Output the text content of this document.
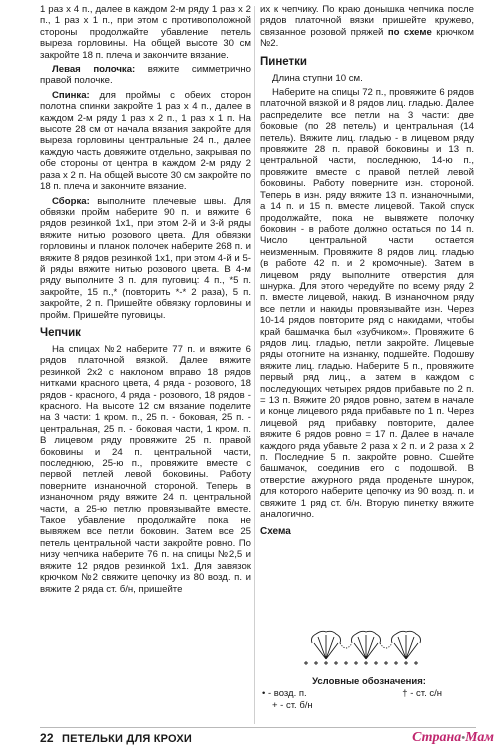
1 раз х 4 п., далее в каждом 2-м ряду 1 раз х 2 п., 1 раз х 1 п., при этом с противоположной стороны продолжайте убавление петель выреза горловины. На общей высоте 30 см закройте 18 п. плеча и закончите вязание.

Левая полочка: вяжите симметрично правой полочке.

Спинка: для проймы с обеих сторон полотна спинки закройте 1 раз х 4 п., далее в каждом 2-м ряду 1 раз х 2 п., 1 раз х 1 п. На высоте 28 см от начала вязания закройте для выреза горловины центральные 24 п., далее каждую часть довяжите отдельно, закрывая по обе стороны от центра в каждом 2-м ряду 2 раза х 2 п. На общей высоте 30 см закройте по 18 п. плеча и закончите вязание.

Сборка: выполните плечевые швы. Для обвязки пройм наберите 90 п. и вяжите 6 рядов резинкой 1х1, при этом 2-й и 3-й ряды вяжите нитью розового цвета. Для обвязки горловины и планок полочек наберите 268 п. и вяжите 8 рядов резинкой 1х1, при этом 4-й и 5-й ряды вяжите нитью розового цвета. В 4-м ряду выполните 3 п. для пуговиц: 4 п., *5 п. закройте, 15 п.,* (повторить *-* 2 раза), 5 п. закройте, 2 п. Пришейте обвязку горловины и пройм. Пришейте пуговицы.

Чепчик

На спицах №2 наберите 77 п. и вяжите 6 рядов платочной вязкой. Далее вяжите резинкой 2х2 с наклоном вправо 18 рядов нитками красного цвета, 4 ряда - розового, 18 рядов - красного, 4 ряда - розового, 18 рядов - красного. На высоте 12 см вязание поделите на 3 части: 1 кром. п., 25 п. - боковая, 25 п. - центральная, 25 п. - боковая части, 1 кром. п. В лицевом ряду провяжите 25 п. правой боковины и 24 п. центральной части, последнюю, 25-ю п., провяжите вместе с первой петлей левой боковины. Работу поверните изнаночной стороной. Теперь в изнаночном ряду вяжите 24 п. центральной части, а 25-ю петлю провязывайте вместе. Такое убавление продолжайте пока не вывяжем все петли боковин. Затем все 25 петель центральной части закройте ровно. По низу чепчика наберите 76 п. на спицы №2,5 и вяжите 12 рядов резинкой 1х1. Для завязок крючком №2 свяжите цепочку из 80 возд. п. и вяжите 2 ряда ст. б/н, пришейте

их к чепчику. По краю донышка чепчика после рядов платочной вязки пришейте кружево, связанное розовой пряжей по схеме крючком №2.

Пинетки

Длина ступни 10 см.

Наберите на спицы 72 п., провяжите 6 рядов платочной вязкой и 8 рядов лиц. гладью. Далее распределите все петли на 3 части: две боковые (по 28 петель) и центральная (14 петель). Вяжите лиц. гладью - в лицевом ряду провяжите 28 п. правой боковины и 13 п. центральной части, последнюю, 14-ю п., провяжите вместе с правой петлей левой боковины. Работу поверните изн. стороной. Теперь в изн. ряду вяжите 13 п. изнаночными, а 14 п. и 15 п. вместе лицевой. Такой спуск продолжайте, пока не вывяжете полочку боковин - в работе должно остаться по 14 п. Число центральной части остается неизменным. Провяжите 8 рядов лиц. гладью (в работе 42 п. и 2 кромочные). Затем в лицевом ряду выполните отверстия для шнурка. Для этого чередуйте по всему ряду 2 п. вместе лицевой, накид. В изнаночном ряду все петли и накиды провязывайте изн. Через 10-14 рядов повторите ряд с накидами, чтобы край башмачка был «зубчиком». Провяжите 6 рядов лиц. гладью, петли закройте. Лицевые ряды отогните на изнанку, подшейте. Подошву вяжите лиц. гладью. Наберите 5 п., провяжите первый ряд лиц., а затем в каждом с последующих четырех рядов прибавьте по 2 п. = 13 п. Вяжите 20 рядов ровно, затем в начале и конце лицевого ряда прибавьте по 1 п. Через лицевой ряд прибавку повторите, далее вяжите 6 рядов ровно = 17 п. Далее в начале каждого ряда убавьте 2 раза х 2 п. и 2 раза х 2 п. Последние 5 п. закройте ровно. Сшейте башмачок, соединив его с подошвой. В отверстие ажурного ряда проденьте шнурок, для которого наберите цепочку из 90 возд. п. и свяжите 1 ряд ст. б/н. Вторую пинетку вяжите аналогично.

Схема
Условные обозначения:
• - возд. п.	† - ст. с/н
+ - ст. б/н
22 ПЕТЕЛЬКИ ДЛЯ КРОХИ	Страна•Мам
